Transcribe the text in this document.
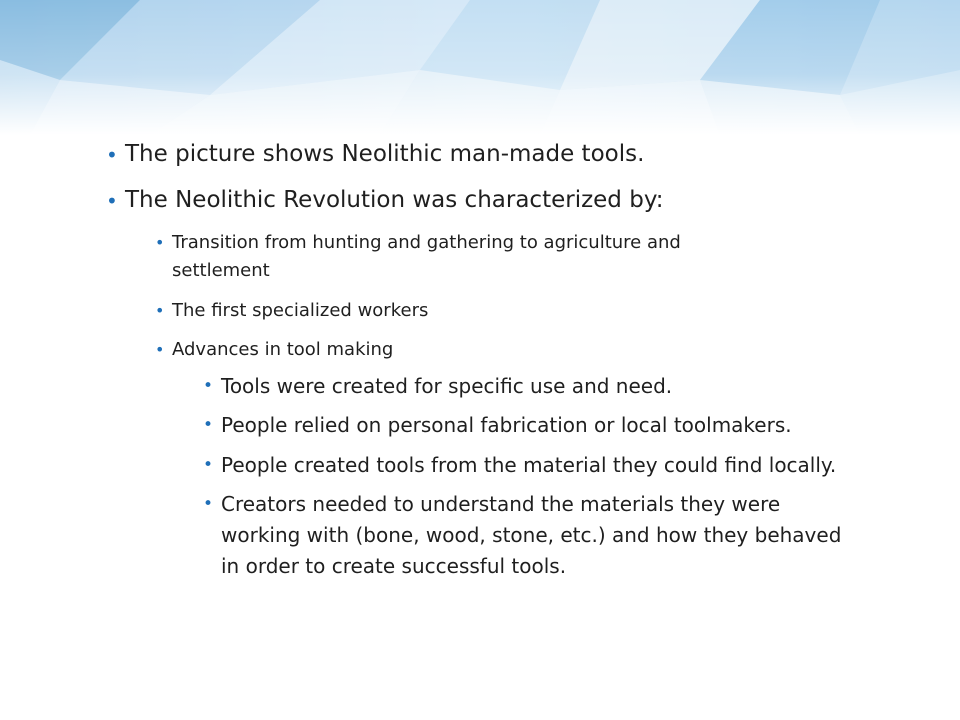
• The picture shows Neolithic man-made tools.
• The Neolithic Revolution was characterized by:
• Transition from hunting and gathering to agriculture and
settlement
• The first specialized workers
• Advances in tool making
• Tools were created for specific use and need.
• People relied on personal fabrication or local toolmakers.
• People created tools from the material they could find locally.
• Creators needed to understand the materials they were
working with (bone, wood, stone, etc.) and how they behaved
in order to create successful tools.
